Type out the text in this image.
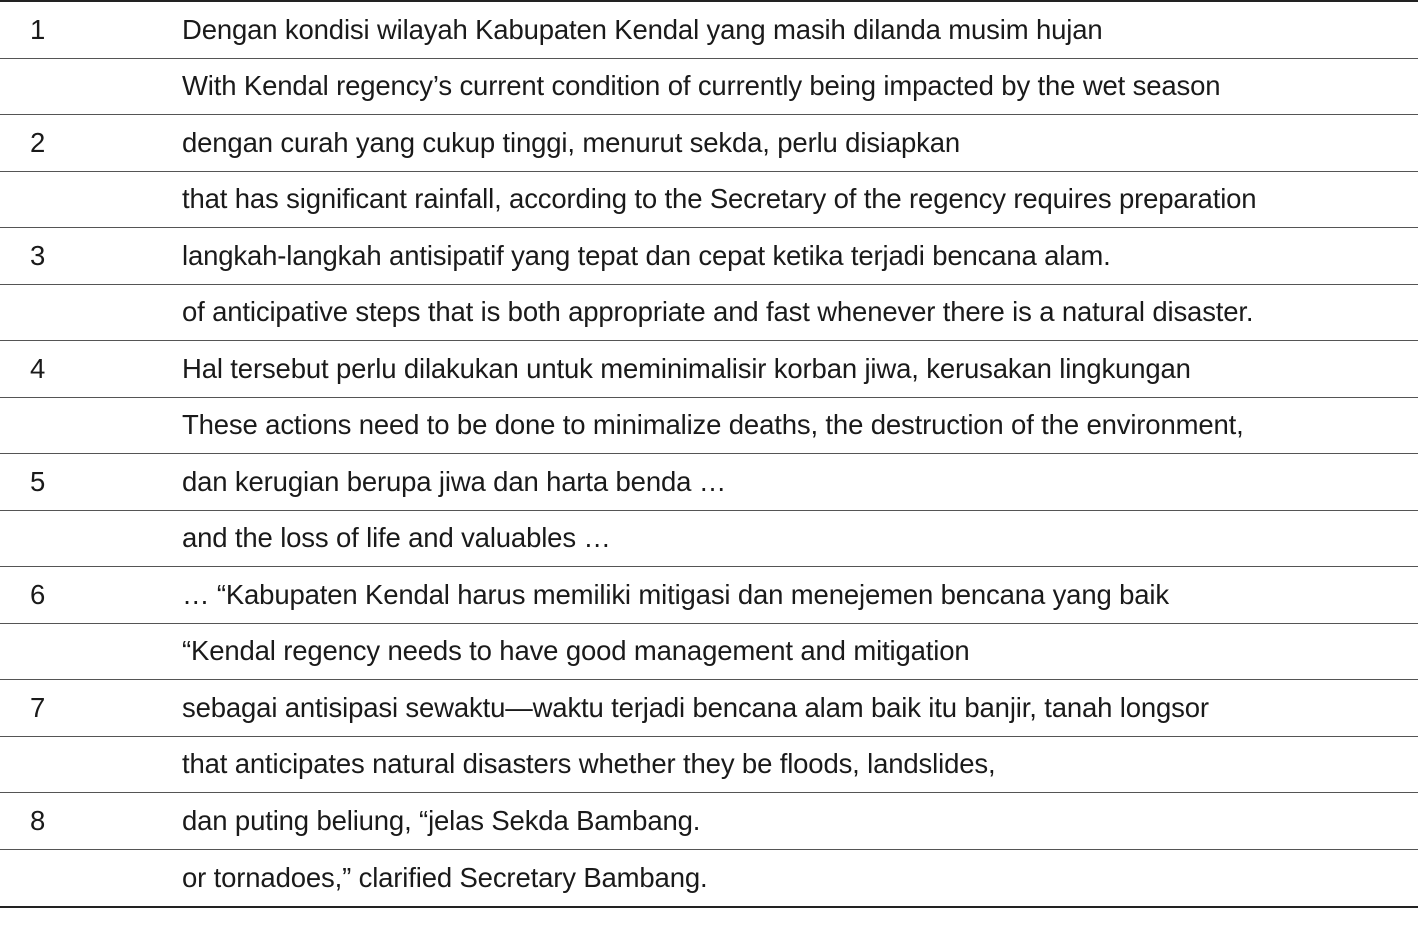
1	Dengan kondisi wilayah Kabupaten Kendal yang masih dilanda musim hujan
With Kendal regency’s current condition of currently being impacted by the wet season
2	dengan curah yang cukup tinggi, menurut sekda, perlu disiapkan
that has significant rainfall, according to the Secretary of the regency requires preparation
3	langkah-langkah antisipatif yang tepat dan cepat ketika terjadi bencana alam.
of anticipative steps that is both appropriate and fast whenever there is a natural disaster.
4	Hal tersebut perlu dilakukan untuk meminimalisir korban jiwa, kerusakan lingkungan
These actions need to be done to minimalize deaths, the destruction of the environment,
5	dan kerugian berupa jiwa dan harta benda …
and the loss of life and valuables …
6	… “Kabupaten Kendal harus memiliki mitigasi dan menejemen bencana yang baik
“Kendal regency needs to have good management and mitigation
7	sebagai antisipasi sewaktu—waktu terjadi bencana alam baik itu banjir, tanah longsor
that anticipates natural disasters whether they be floods, landslides,
8	dan puting beliung, “jelas Sekda Bambang.
or tornadoes,” clarified Secretary Bambang.
